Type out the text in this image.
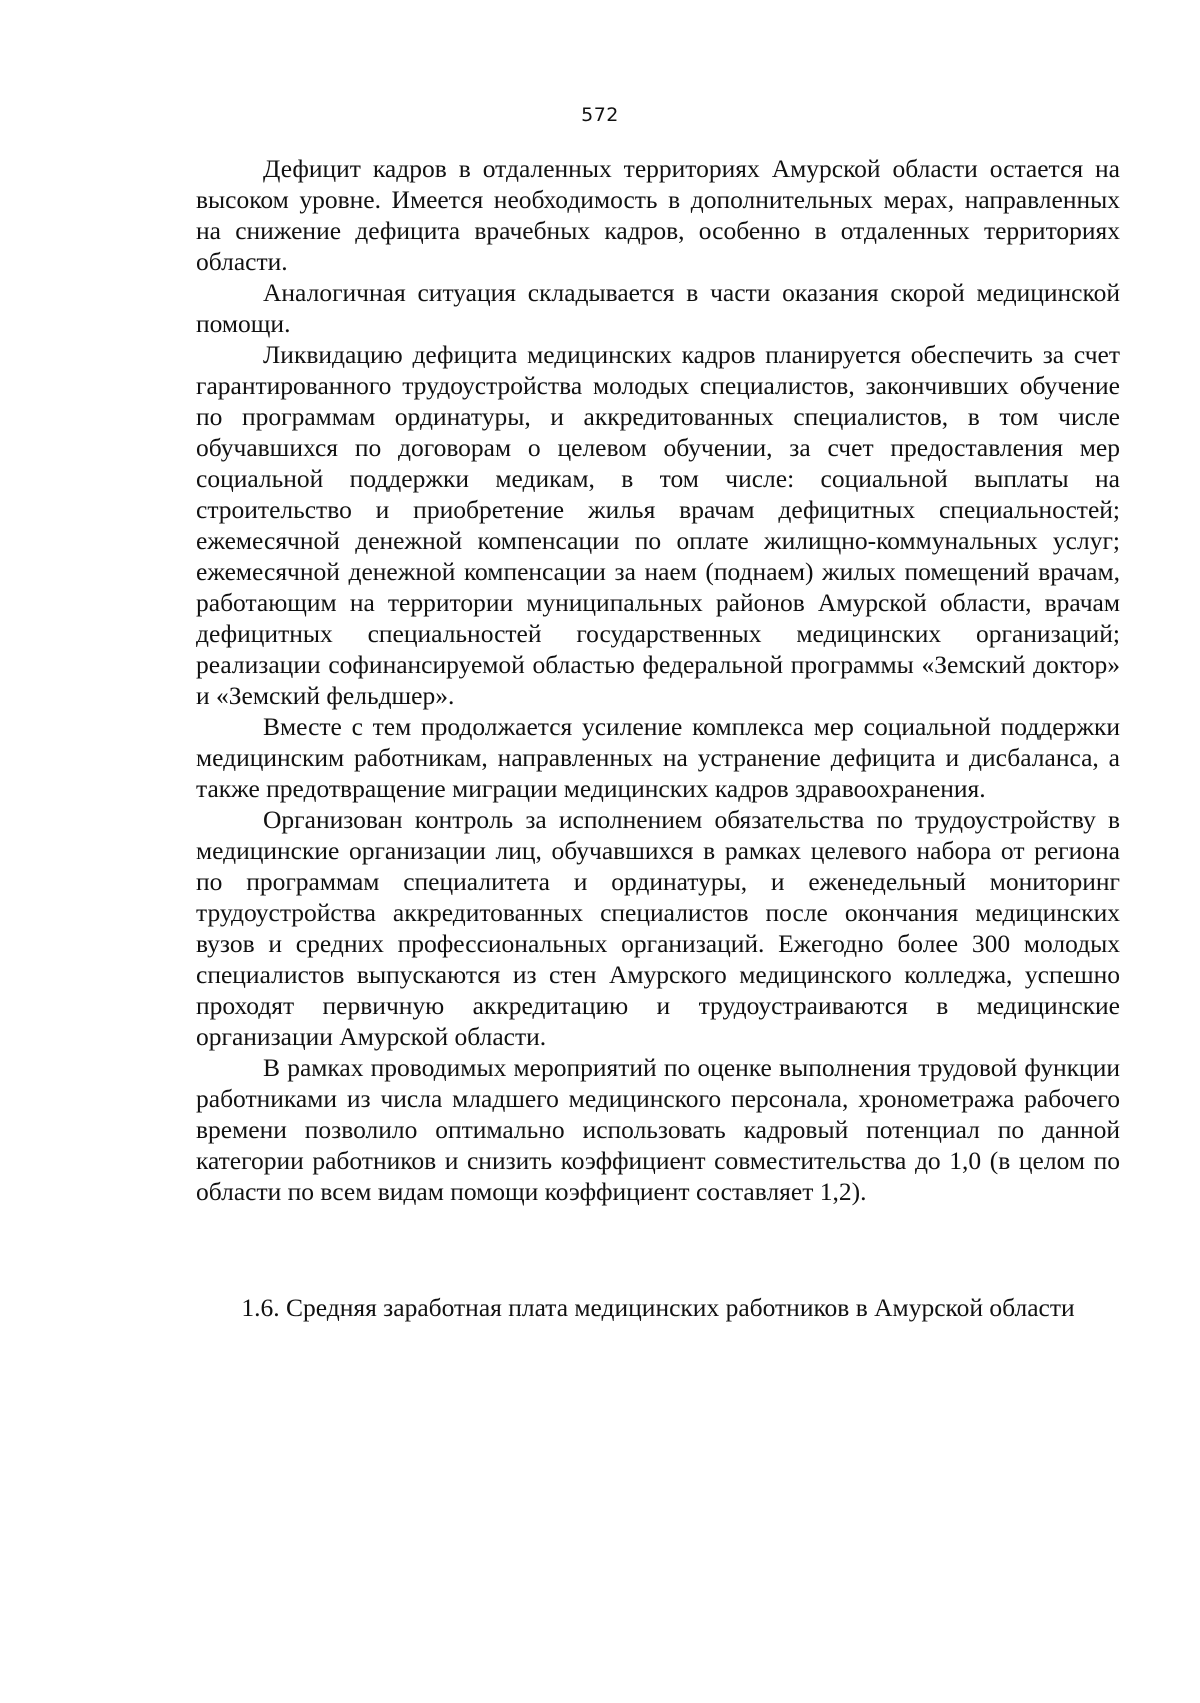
572

Дефицит кадров в отдаленных территориях Амурской области остается на высоком уровне. Имеется необходимость в дополнительных мерах, направленных на снижение дефицита врачебных кадров, особенно в отдаленных территориях области.

Аналогичная ситуация складывается в части оказания скорой медицинской помощи.

Ликвидацию дефицита медицинских кадров планируется обеспечить за счет гарантированного трудоустройства молодых специалистов, закончивших обучение по программам ординатуры, и аккредитованных специалистов, в том числе обучавшихся по договорам о целевом обучении, за счет предоставления мер социальной поддержки медикам, в том числе: социальной выплаты на строительство и приобретение жилья врачам дефицитных специальностей; ежемесячной денежной компенсации по оплате жилищно-коммунальных услуг; ежемесячной денежной компенсации за наем (поднаем) жилых помещений врачам, работающим на территории муниципальных районов Амурской области, врачам дефицитных специальностей государственных медицинских организаций; реализации софинансируемой областью федеральной программы «Земский доктор» и «Земский фельдшер».

Вместе с тем продолжается усиление комплекса мер социальной поддержки медицинским работникам, направленных на устранение дефицита и дисбаланса, а также предотвращение миграции медицинских кадров здравоохранения.

Организован контроль за исполнением обязательства по трудоустройству в медицинские организации лиц, обучавшихся в рамках целевого набора от региона по программам специалитета и ординатуры, и еженедельный мониторинг трудоустройства аккредитованных специалистов после окончания медицинских вузов и средних профессиональных организаций. Ежегодно более 300 молодых специалистов выпускаются из стен Амурского медицинского колледжа, успешно проходят первичную аккредитацию и трудоустраиваются в медицинские организации Амурской области.

В рамках проводимых мероприятий по оценке выполнения трудовой функции работниками из числа младшего медицинского персонала, хронометража рабочего времени позволило оптимально использовать кадровый потенциал по данной категории работников и снизить коэффициент совместительства до 1,0 (в целом по области по всем видам помощи коэффициент составляет 1,2).

1.6. Средняя заработная плата медицинских работников в Амурской области
